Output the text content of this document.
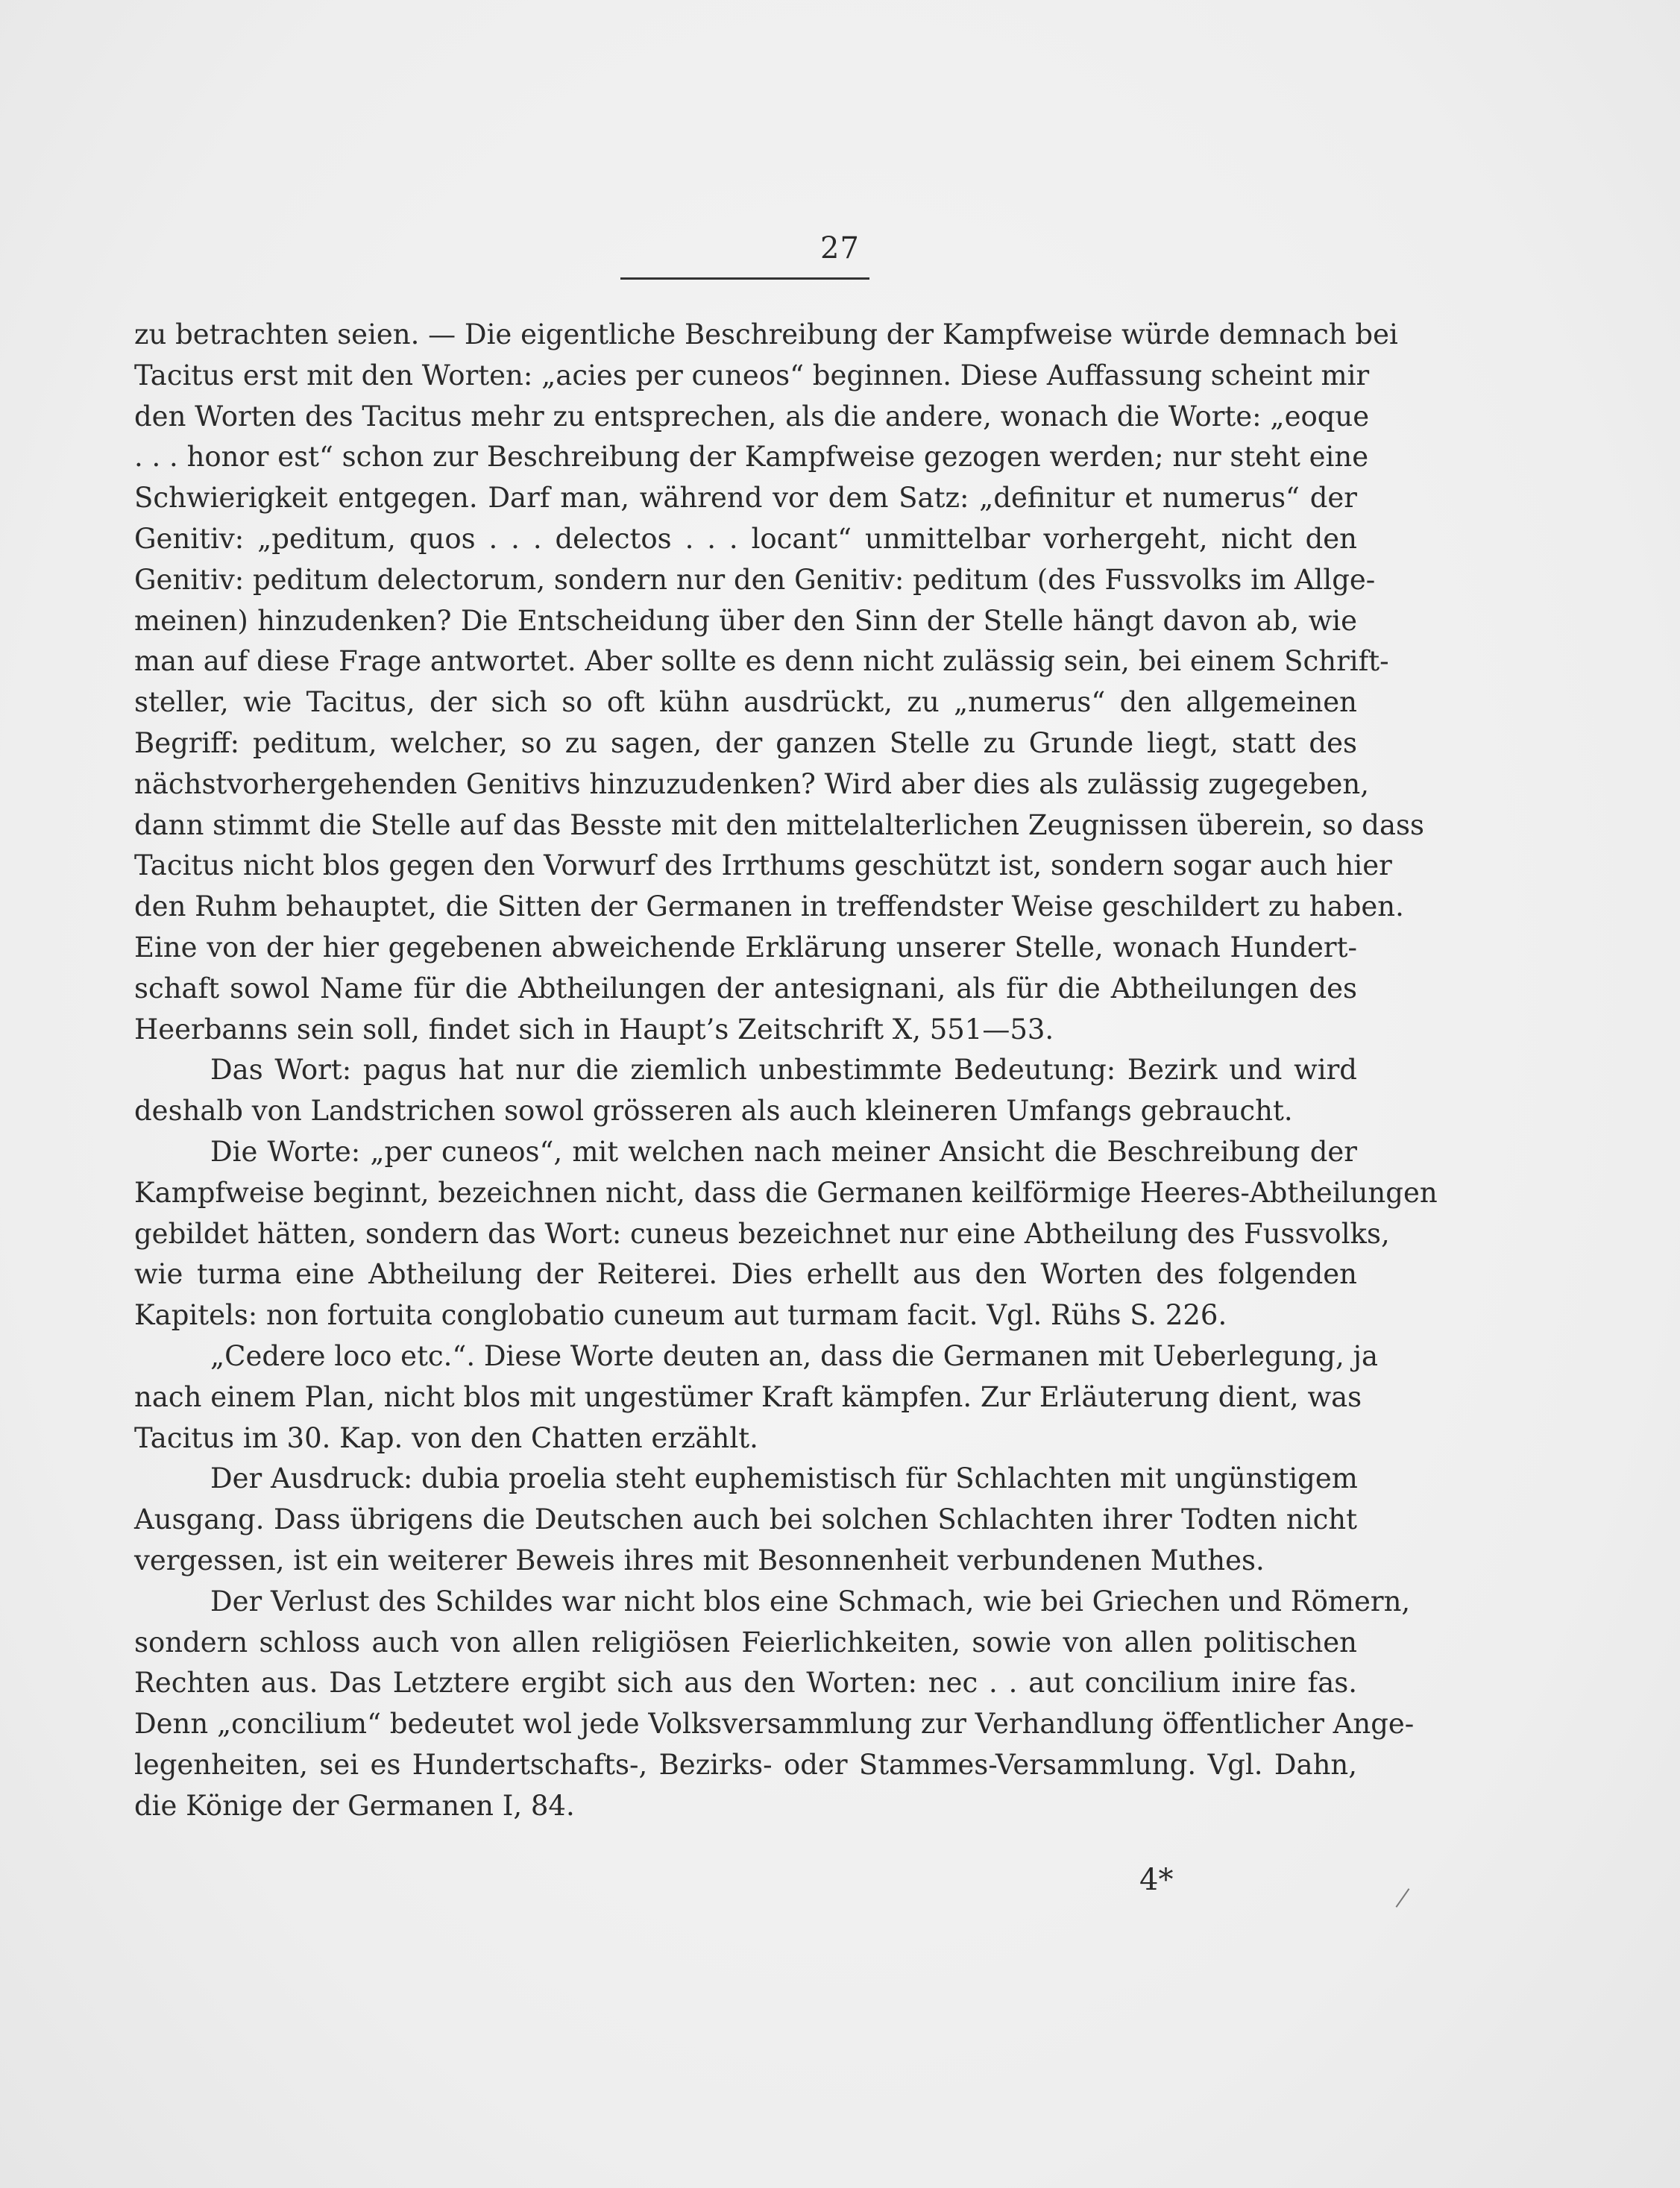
27
zu betrachten seien. — Die eigentliche Beschreibung der Kampfweise würde demnach bei
Tacitus erst mit den Worten: „acies per cuneos“ beginnen. Diese Auffassung scheint mir
den Worten des Tacitus mehr zu entsprechen, als die andere, wonach die Worte: „eoque
. . . honor est“ schon zur Beschreibung der Kampfweise gezogen werden; nur steht eine
Schwierigkeit entgegen. Darf man, während vor dem Satz: „definitur et numerus“ der
Genitiv: „peditum, quos . . . delectos . . . locant“ unmittelbar vorhergeht, nicht den
Genitiv: peditum delectorum, sondern nur den Genitiv: peditum (des Fussvolks im Allge-
meinen) hinzudenken? Die Entscheidung über den Sinn der Stelle hängt davon ab, wie
man auf diese Frage antwortet. Aber sollte es denn nicht zulässig sein, bei einem Schrift-
steller, wie Tacitus, der sich so oft kühn ausdrückt, zu „numerus“ den allgemeinen
Begriff: peditum, welcher, so zu sagen, der ganzen Stelle zu Grunde liegt, statt des
nächstvorhergehenden Genitivs hinzuzudenken? Wird aber dies als zulässig zugegeben,
dann stimmt die Stelle auf das Besste mit den mittelalterlichen Zeugnissen überein, so dass
Tacitus nicht blos gegen den Vorwurf des Irrthums geschützt ist, sondern sogar auch hier
den Ruhm behauptet, die Sitten der Germanen in treffendster Weise geschildert zu haben.
Eine von der hier gegebenen abweichende Erklärung unserer Stelle, wonach Hundert-
schaft sowol Name für die Abtheilungen der antesignani, als für die Abtheilungen des
Heerbanns sein soll, findet sich in Haupt’s Zeitschrift X, 551—53.
Das Wort: pagus hat nur die ziemlich unbestimmte Bedeutung: Bezirk und wird
deshalb von Landstrichen sowol grösseren als auch kleineren Umfangs gebraucht.
Die Worte: „per cuneos“, mit welchen nach meiner Ansicht die Beschreibung der
Kampfweise beginnt, bezeichnen nicht, dass die Germanen keilförmige Heeres-Abtheilungen
gebildet hätten, sondern das Wort: cuneus bezeichnet nur eine Abtheilung des Fussvolks,
wie turma eine Abtheilung der Reiterei. Dies erhellt aus den Worten des folgenden
Kapitels: non fortuita conglobatio cuneum aut turmam facit. Vgl. Rühs S. 226.
„Cedere loco etc.“. Diese Worte deuten an, dass die Germanen mit Ueberlegung, ja
nach einem Plan, nicht blos mit ungestümer Kraft kämpfen. Zur Erläuterung dient, was
Tacitus im 30. Kap. von den Chatten erzählt.
Der Ausdruck: dubia proelia steht euphemistisch für Schlachten mit ungünstigem
Ausgang. Dass übrigens die Deutschen auch bei solchen Schlachten ihrer Todten nicht
vergessen, ist ein weiterer Beweis ihres mit Besonnenheit verbundenen Muthes.
Der Verlust des Schildes war nicht blos eine Schmach, wie bei Griechen und Römern,
sondern schloss auch von allen religiösen Feierlichkeiten, sowie von allen politischen
Rechten aus. Das Letztere ergibt sich aus den Worten: nec . . aut concilium inire fas.
Denn „concilium“ bedeutet wol jede Volksversammlung zur Verhandlung öffentlicher Ange-
legenheiten, sei es Hundertschafts-, Bezirks- oder Stammes-Versammlung. Vgl. Dahn,
die Könige der Germanen I, 84.
4*
